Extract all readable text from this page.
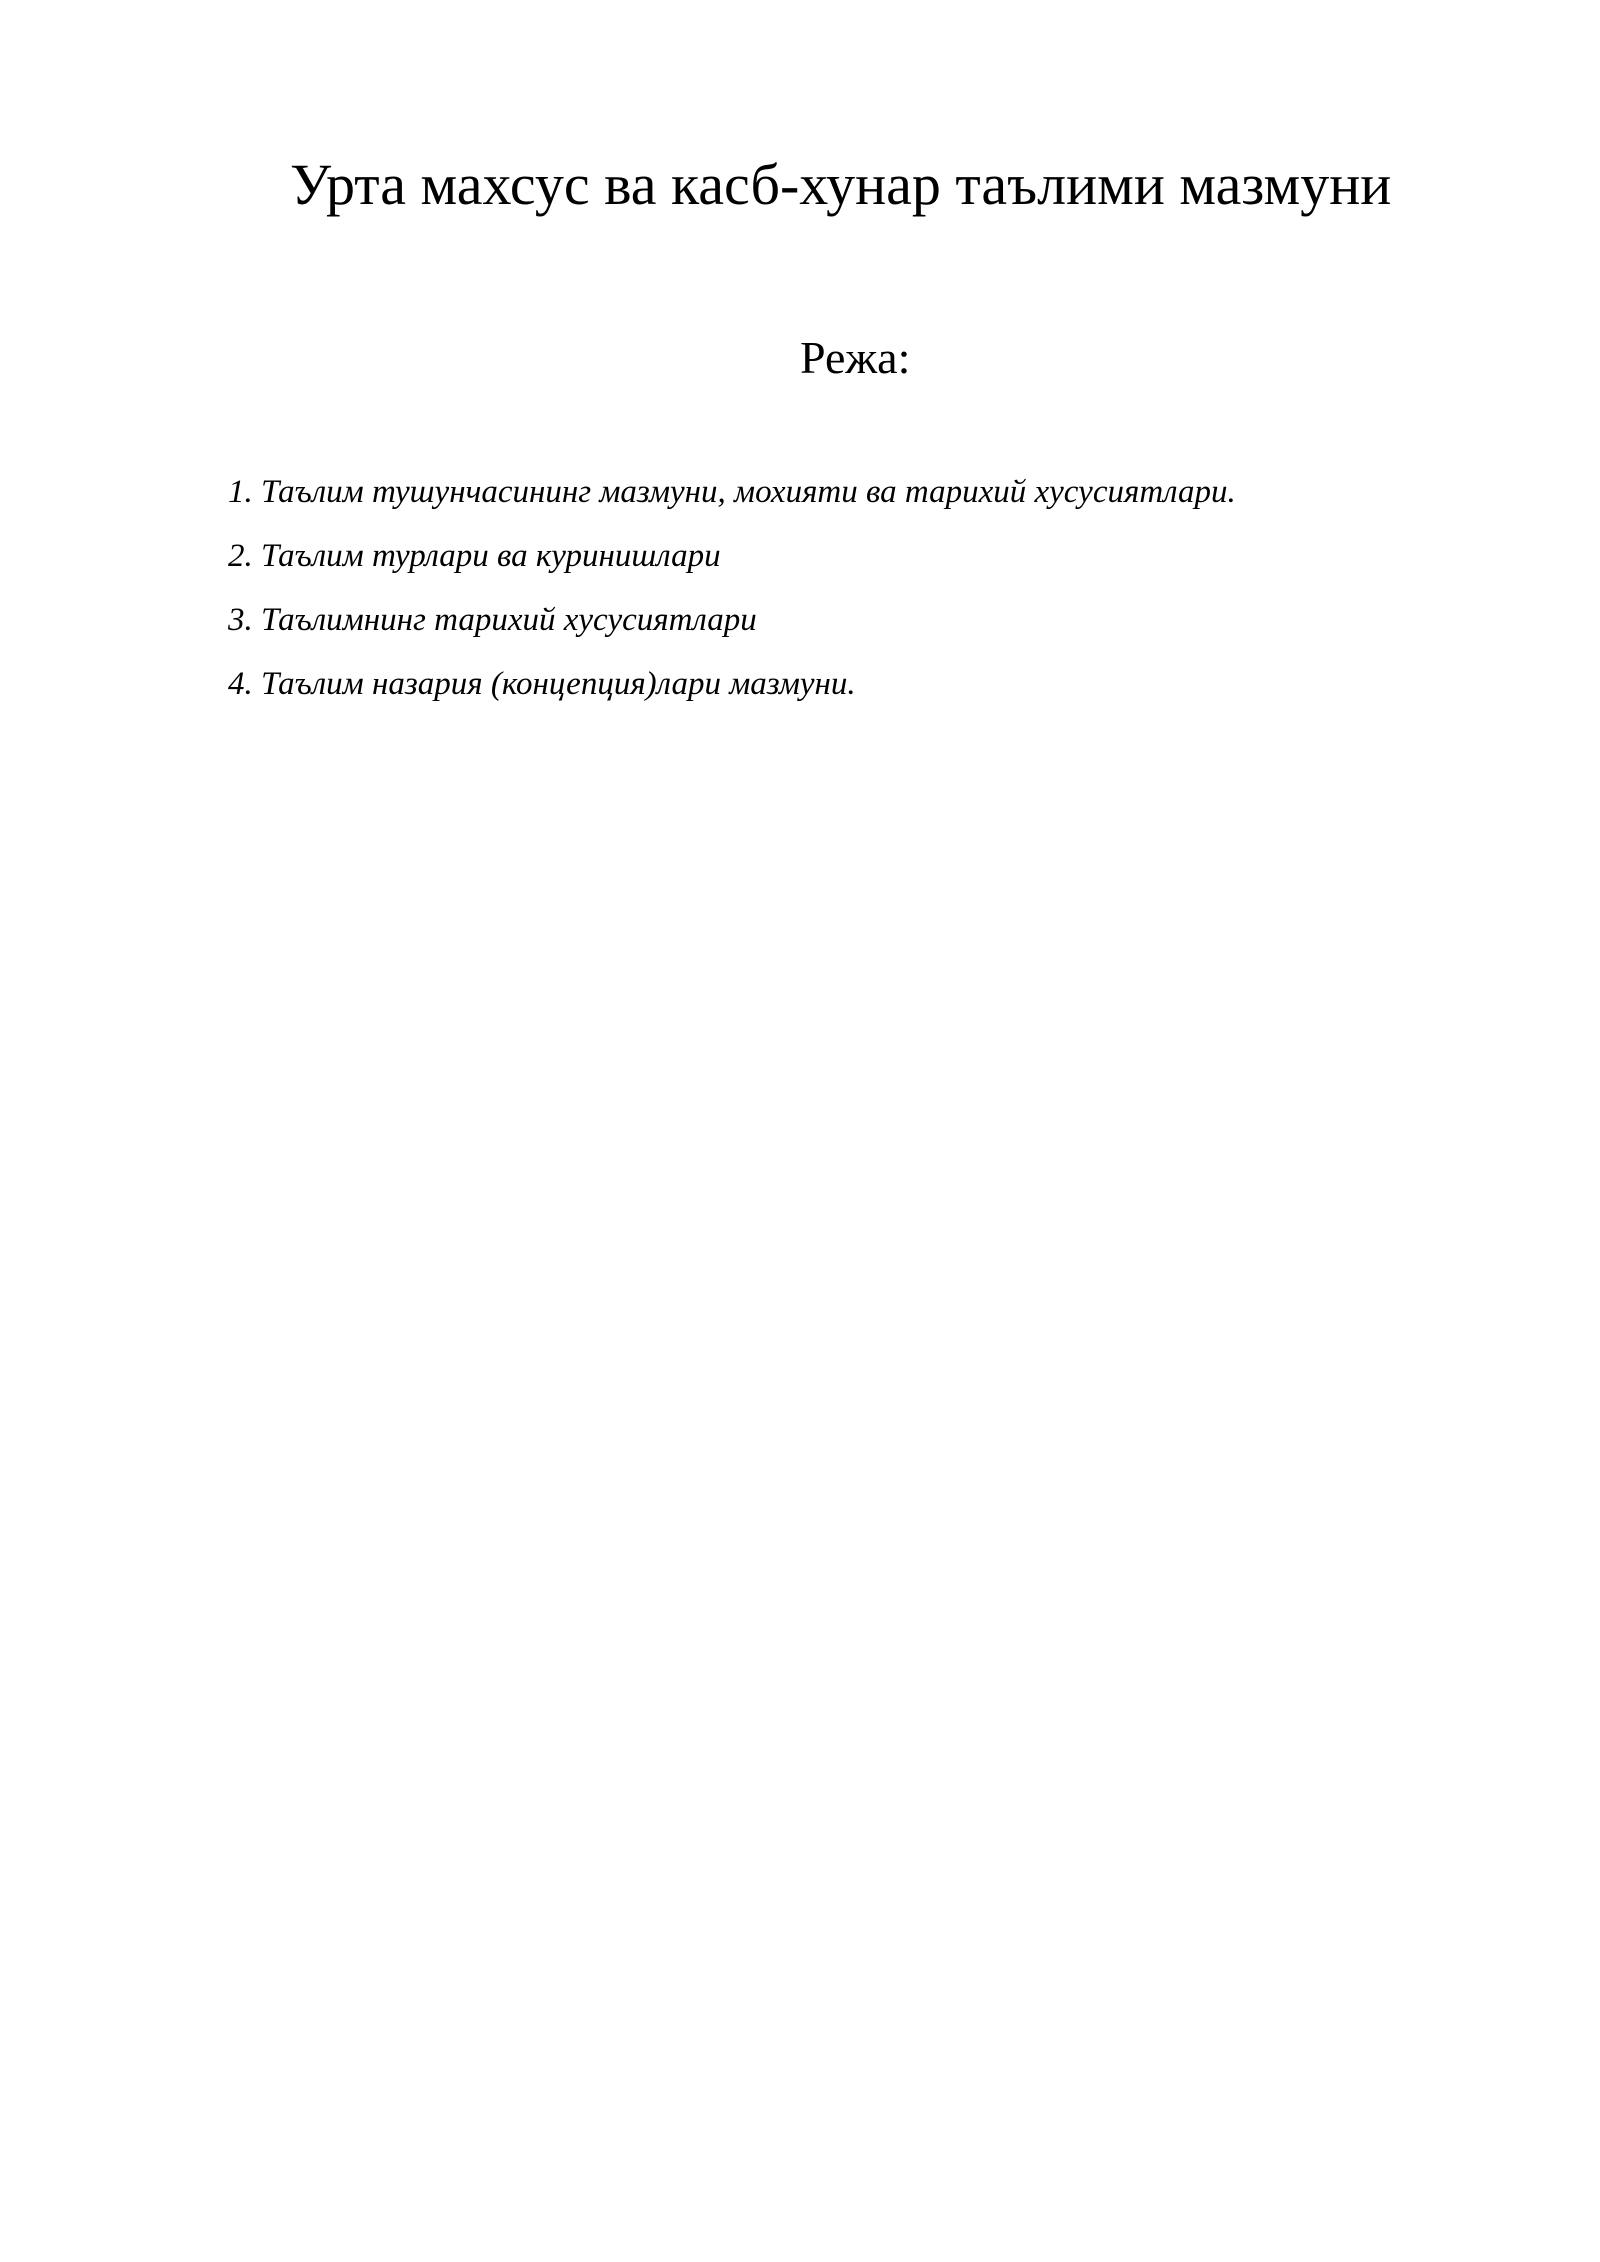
Урта махсус ва касб-хунар таълими мазмуни
Режа:
1. Таълим тушунчасининг мазмуни, мохияти ва тарихий хусусиятлари.
2. Таълим турлари ва куринишлари
3. Таълимнинг тарихий хусусиятлари
4. Таълим назария (концепция)лари мазмуни.
